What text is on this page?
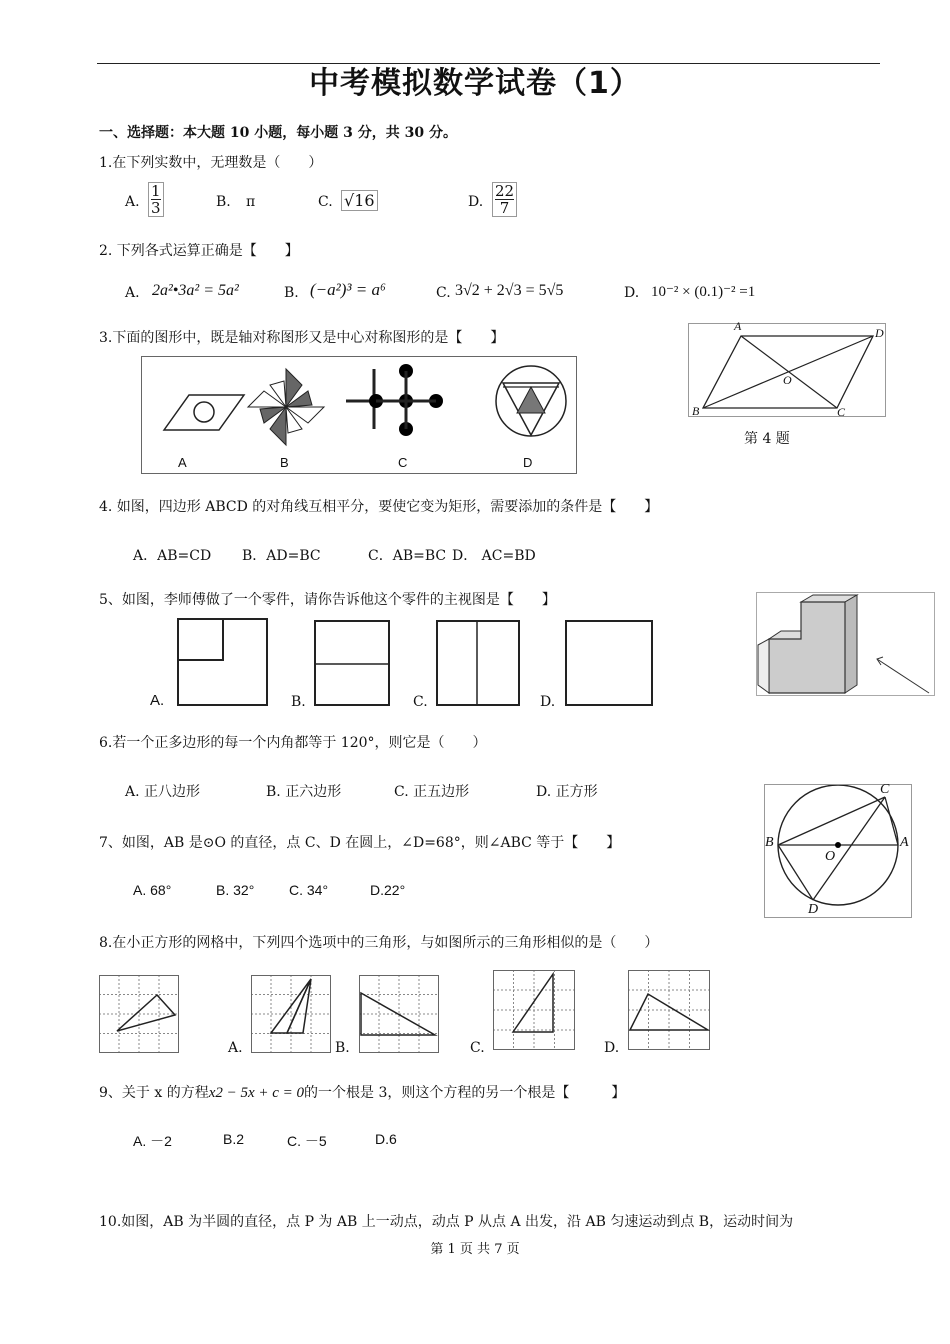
中考模拟数学试卷（1）
一、选择题：本大题 10 小题，每小题 3 分，共 30 分。
1.在下列实数中，无理数是（　　）
A. $\frac{1}{3}$	B. π	C. √16	D. $\frac{22}{7}$
2. 下列各式运算正确是【　　】
A. 2a²•3a² = 5a²	B. (−a²)³ = a⁶	C. 3√2 + 2√3 = 5√5	D. 10⁻² × (0.1)⁻² =1
3.下面的图形中，既是轴对称图形又是中心对称图形的是【　　】
A	B	C	D
A	D
O
B	C
第 4 题
4. 如图，四边形 ABCD 的对角线互相平分，要使它变为矩形，需要添加的条件是【　　】
A．AB=CD B．AD=BC	C．AB=BC D． AC=BD
5、如图，李师傅做了一个零件，请你告诉他这个零件的主视图是【　　】
A.	B.	C.	D.
6.若一个正多边形的每一个内角都等于 120°，则它是（　　）
A. 正八边形	B. 正六边形	C. 正五边形	D. 正方形	C
B	A
O
D
7、如图，AB 是⊙O 的直径，点 C、D 在圆上，∠D=68°，则∠ABC 等于【　　】
A. 68°	B. 32° C. 34°	D.22°
8.在小正方形的网格中，下列四个选项中的三角形，与如图所示的三角形相似的是（　　）
A.	B.	C.	D.
9、关于 x 的方程x2 − 5x + c = 0的一个根是 3，则这个方程的另一个根是【　　　】
A. －2	B.2	C. －5	D.6
10.如图，AB 为半圆的直径，点 P 为 AB 上一动点，动点 P 从点 A 出发，沿 AB 匀速运动到点 B，运动时间为
第 1 页 共 7 页
